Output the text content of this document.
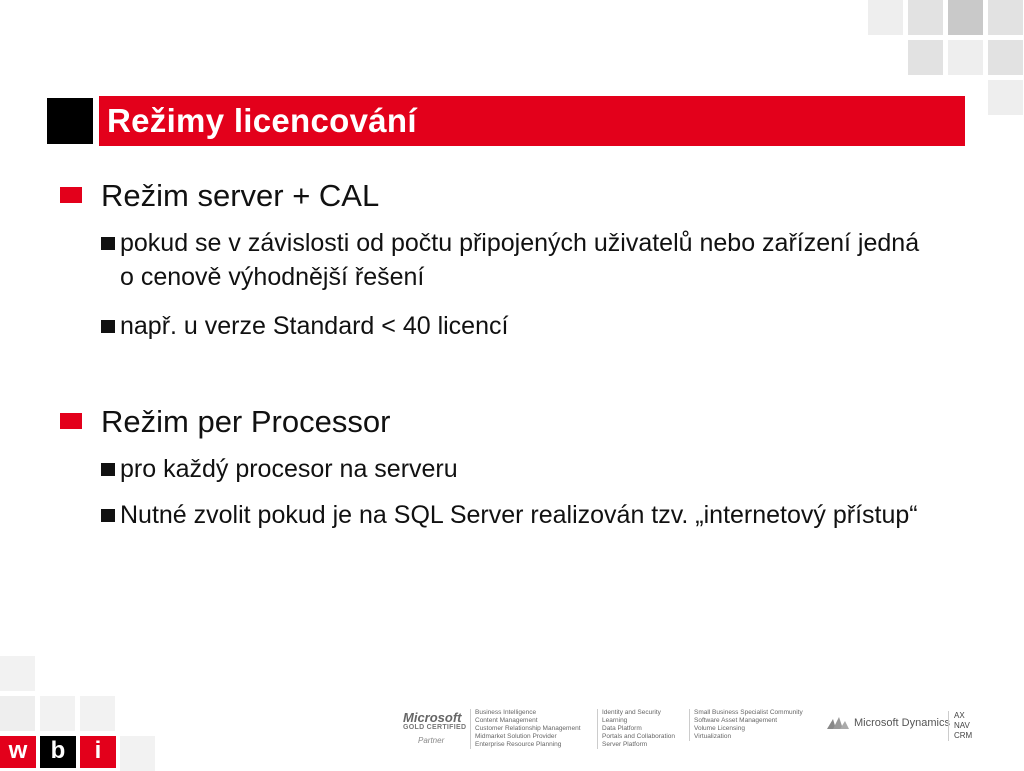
Režimy licencování
Režim server + CAL
pokud se v závislosti od počtu připojených uživatelů nebo zařízení jedná o cenově výhodnější řešení
např. u verze Standard < 40 licencí
Režim per Processor
pro každý procesor na serveru
Nutné zvolit pokud je na SQL Server realizován tzv. „internetový přístup“
w b	i
Microsoft
GOLD CERTIFIED
Partner
Business Intelligence
Content Management
Customer Relationship Management
Midmarket Solution Provider
Enterprise Resource Planning
Identity and Security
Learning
Data Platform
Portals and Collaboration
Server Platform
Small Business Specialist Community
Software Asset Management
Volume Licensing
Virtualization
Microsoft Dynamics
AX
NAV
CRM
